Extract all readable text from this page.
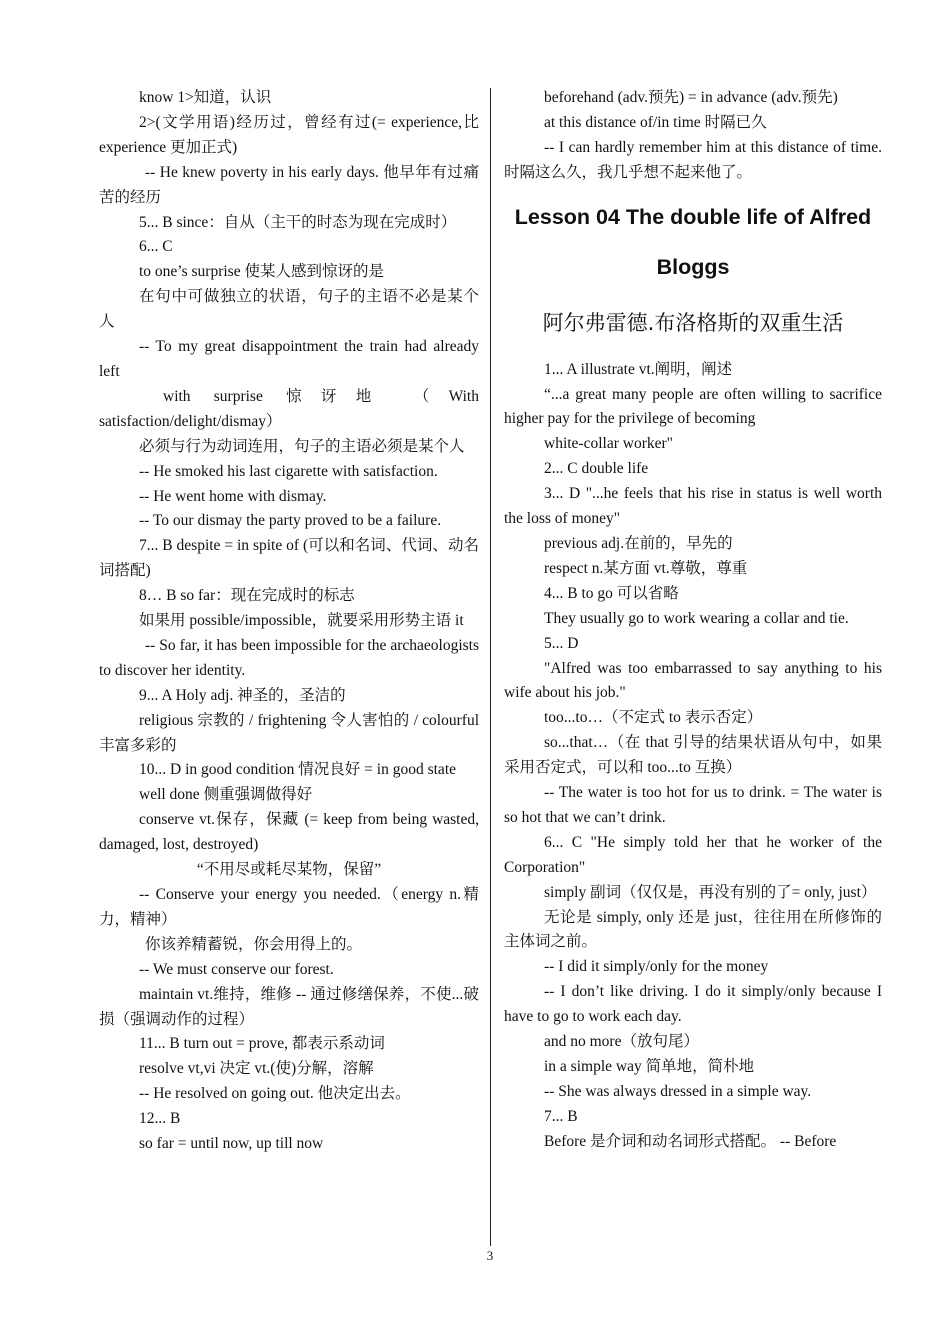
know 1>知道，认识

2>(文学用语)经历过，曾经有过(= experience,比 experience 更加正式)

-- He knew poverty in his early days. 他早年有过痛苦的经历

5... B since：自从（主干的时态为现在完成时）

6... C

to one’s surprise 使某人感到惊讶的是

在句中可做独立的状语，句子的主语不必是某个人

-- To my great disappointment the train had already left

with surprise 惊讶地 （With satisfaction/delight/dismay）

必须与行为动词连用，句子的主语必须是某个人

-- He smoked his last cigarette with satisfaction.

-- He went home with dismay.

-- To our dismay the party proved to be a failure.

7... B despite = in spite of (可以和名词、代词、动名词搭配)

8… B so far：现在完成时的标志

如果用 possible/impossible，就要采用形势主语 it

-- So far, it has been impossible for the archaeologists to discover her identity.

9... A Holy adj. 神圣的，圣洁的

religious 宗教的 / frightening 令人害怕的 / colourful 丰富多彩的

10... D in good condition 情况良好 = in good state

well done 侧重强调做得好

conserve vt.保存，保藏 (= keep from being wasted, damaged, lost, destroyed)

“不用尽或耗尽某物，保留”

-- Conserve your energy you needed.（energy n.精力，精神）

你该养精蓄锐，你会用得上的。

-- We must conserve our forest.

maintain vt.维持，维修 -- 通过修缮保养，不使...破损（强调动作的过程）

11... B turn out = prove, 都表示系动词

resolve vt,vi 决定 vt.(使)分解，溶解

-- He resolved on going out. 他决定出去。

12... B

so far = until now, up till now

beforehand (adv.预先) = in advance (adv.预先)

at this distance of/in time 时隔已久

-- I can hardly remember him at this distance of time. 时隔这么久，我几乎想不起来他了。

Lesson 04 The double life of Alfred
Bloggs
阿尔弗雷德.布洛格斯的双重生活

1... A illustrate vt.阐明，阐述

“...a great many people are often willing to sacrifice higher pay for the privilege of becoming

white-collar worker"

2... C double life

3... D "...he feels that his rise in status is well worth the loss of money"

previous adj.在前的，早先的

respect n.某方面 vt.尊敬，尊重

4... B to go 可以省略

They usually go to work wearing a collar and tie.

5... D

"Alfred was too embarrassed to say anything to his wife about his job."

too...to…（不定式 to 表示否定）

so...that…（在 that 引导的结果状语从句中，如果采用否定式，可以和 too...to 互换）

-- The water is too hot for us to drink. = The water is so hot that we can’t drink.

6... C "He simply told her that he worker of the Corporation"

simply 副词（仅仅是，再没有别的了= only, just）

无论是 simply, only 还是 just，往往用在所修饰的主体词之前。

-- I did it simply/only for the money

-- I don’t like driving. I do it simply/only because I have to go to work each day.

and no more（放句尾）

in a simple way 简单地，简朴地

-- She was always dressed in a simple way.

7... B

Before 是介词和动名词形式搭配。 -- Before

3
